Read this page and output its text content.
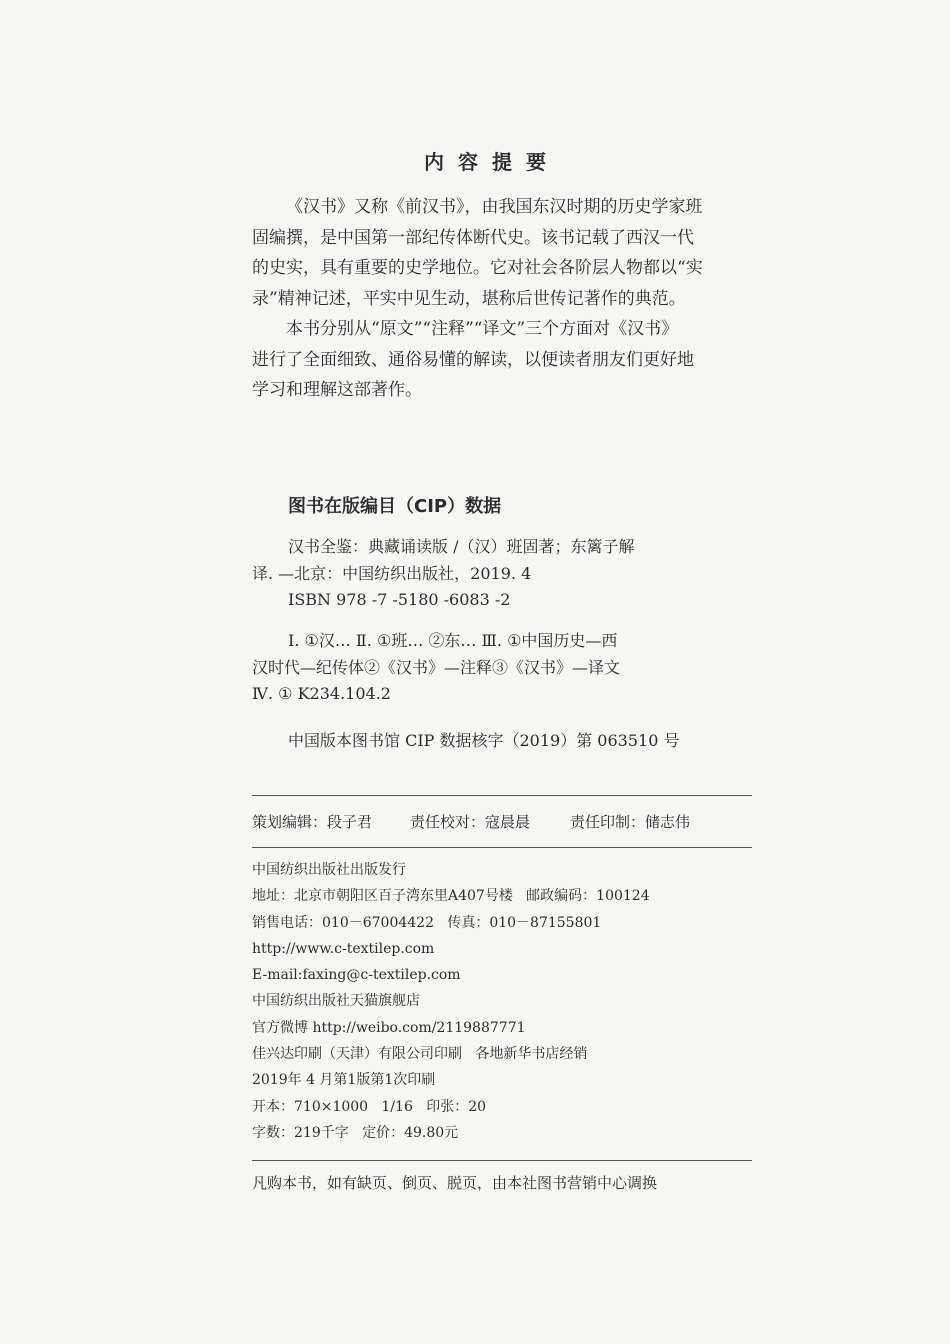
内容提要
《汉书》又称《前汉书》，由我国东汉时期的历史学家班
固编撰，是中国第一部纪传体断代史。该书记载了西汉一代
的史实，具有重要的史学地位。它对社会各阶层人物都以“实
录”精神记述，平实中见生动，堪称后世传记著作的典范。
本书分别从“原文”“注释”“译文”三个方面对《汉书》
进行了全面细致、通俗易懂的解读，以便读者朋友们更好地
学习和理解这部著作。
图书在版编目（CIP）数据
汉书全鉴：典藏诵读版 /（汉）班固著；东篱子解
译. —北京：中国纺织出版社，2019. 4
ISBN 978 -7 -5180 -6083 -2
Ⅰ. ①汉… Ⅱ. ①班… ②东… Ⅲ. ①中国历史—西
汉时代—纪传体②《汉书》—注释③《汉书》—译文
Ⅳ. ① K234.104.2
中国版本图书馆 CIP 数据核字（2019）第 063510 号
策划编辑：段子君	责任校对：寇晨晨	责任印制：储志伟
中国纺织出版社出版发行
地址：北京市朝阳区百子湾东里A407号楼   邮政编码：100124
销售电话：010－67004422   传真：010－87155801
http://www.c-textilep.com
E-mail:faxing@c-textilep.com
中国纺织出版社天猫旗舰店
官方微博 http://weibo.com/2119887771
佳兴达印刷（天津）有限公司印刷   各地新华书店经销
2019年 4 月第1版第1次印刷
开本：710×1000   1/16   印张：20
字数：219千字   定价：49.80元
凡购本书，如有缺页、倒页、脱页，由本社图书营销中心调换
